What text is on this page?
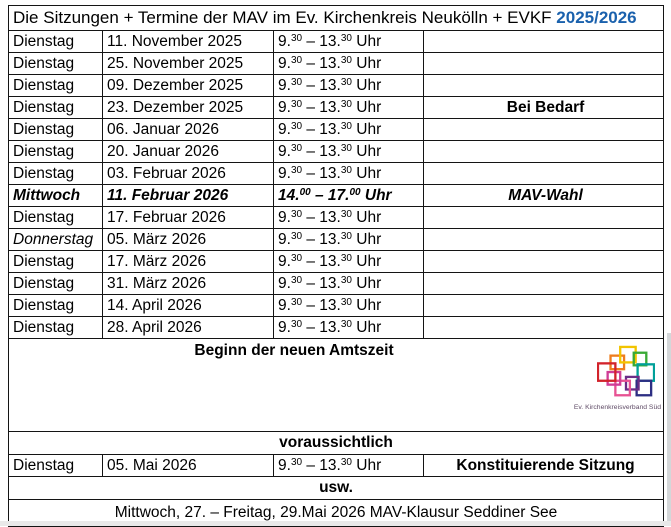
Die Sitzungen + Termine der MAV im Ev. Kirchenkreis Neukölln + EVKF 2025/2026			
Dienstag	11. November 2025	9.30 – 13.30 Uhr	
Dienstag	25. November 2025	9.30 – 13.30 Uhr	
Dienstag	09. Dezember 2025	9.30 – 13.30 Uhr	
Dienstag	23. Dezember 2025	9.30 – 13.30 Uhr	Bei Bedarf
Dienstag	06. Januar 2026	9.30 – 13.30 Uhr	
Dienstag	20. Januar 2026	9.30 – 13.30 Uhr	
Dienstag	03. Februar 2026	9.30 – 13.30 Uhr	
Mittwoch	11. Februar 2026	14.00 – 17.00 Uhr	MAV-Wahl
Dienstag	17. Februar 2026	9.30 – 13.30 Uhr	
Donnerstag	05. März 2026	9.30 – 13.30 Uhr	
Dienstag	17. März 2026	9.30 – 13.30 Uhr	
Dienstag	31. März 2026	9.30 – 13.30 Uhr	
Dienstag	14. April 2026	9.30 – 13.30 Uhr	
Dienstag	28. April 2026	9.30 – 13.30 Uhr	

Beginn der neuen Amtszeit
Ev. Kirchenkreisverband Süd			

voraussichtlich			
Dienstag	05. Mai 2026	9.30 – 13.30 Uhr	Konstituierende Sitzung
usw.			
Mittwoch, 27. – Freitag, 29.Mai 2026 MAV-Klausur Seddiner See			
